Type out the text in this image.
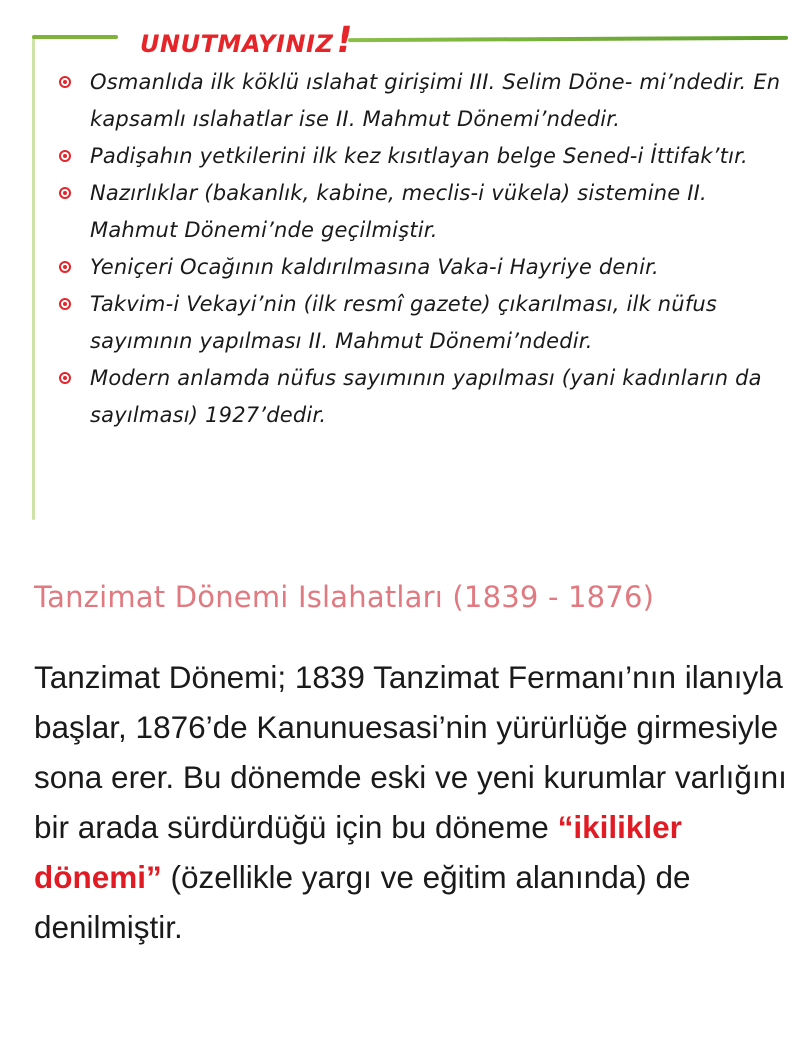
UNUTMAYINIZ!
Osmanlıda ilk köklü ıslahat girişimi III. Selim Döne- mi’ndedir. En kapsamlı ıslahatlar ise II. Mahmut Dönemi’ndedir.
Padişahın yetkilerini ilk kez kısıtlayan belge Sened-i İttifak’tır.
Nazırlıklar (bakanlık, kabine, meclis-i vükela) sistemine II. Mahmut Dönemi’nde geçilmiştir.
Yeniçeri Ocağının kaldırılmasına Vaka-i Hayriye denir.
Takvim-i Vekayi’nin (ilk resmî gazete) çıkarılması, ilk nüfus sayımının yapılması II. Mahmut Dönemi’ndedir.
Modern anlamda nüfus sayımının yapılması (yani kadınların da sayılması) 1927’dedir.
Tanzimat Dönemi Islahatları (1839 - 1876)

Tanzimat Dönemi; 1839 Tanzimat Fermanı’nın ilanıyla başlar, 1876’de Kanunuesasi’nin yürürlüğe girmesiyle sona erer. Bu dönemde eski ve yeni kurumlar varlığını bir arada sürdürdüğü için bu döneme “ikilikler dönemi” (özellikle yargı ve eğitim alanında) de denilmiştir.
